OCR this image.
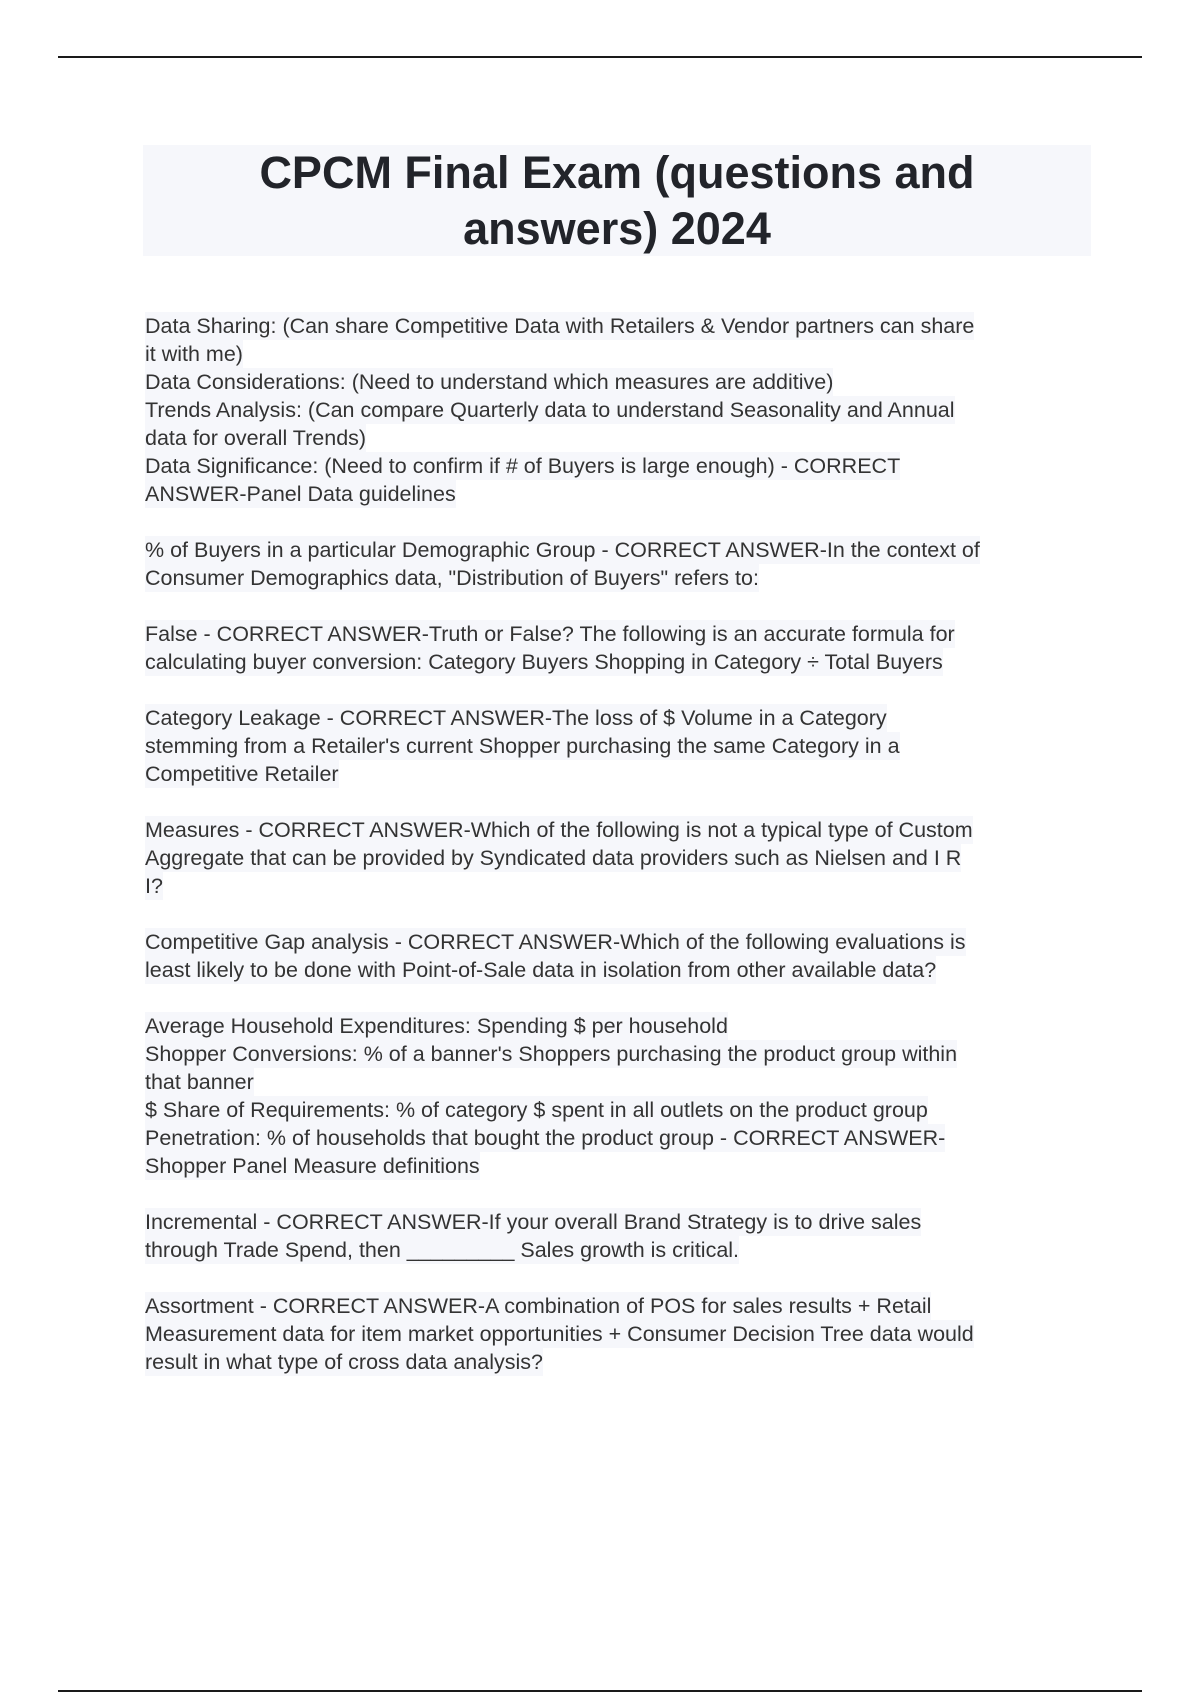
CPCM Final Exam (questions and answers) 2024
Data Sharing: (Can share Competitive Data with Retailers & Vendor partners can share
it with me)
Data Considerations: (Need to understand which measures are additive)
Trends Analysis: (Can compare Quarterly data to understand Seasonality and Annual
data for overall Trends)
Data Significance: (Need to confirm if # of Buyers is large enough) - CORRECT
ANSWER-Panel Data guidelines
% of Buyers in a particular Demographic Group - CORRECT ANSWER-In the context of
Consumer Demographics data, "Distribution of Buyers" refers to:
False - CORRECT ANSWER-Truth or False? The following is an accurate formula for
calculating buyer conversion: Category Buyers Shopping in Category ÷ Total Buyers
Category Leakage - CORRECT ANSWER-The loss of $ Volume in a Category
stemming from a Retailer's current Shopper purchasing the same Category in a
Competitive Retailer
Measures - CORRECT ANSWER-Which of the following is not a typical type of Custom
Aggregate that can be provided by Syndicated data providers such as Nielsen and I R
I?
Competitive Gap analysis - CORRECT ANSWER-Which of the following evaluations is
least likely to be done with Point-of-Sale data in isolation from other available data?
Average Household Expenditures: Spending $ per household
Shopper Conversions: % of a banner's Shoppers purchasing the product group within
that banner
$ Share of Requirements: % of category $ spent in all outlets on the product group
Penetration: % of households that bought the product group - CORRECT ANSWER-
Shopper Panel Measure definitions
Incremental - CORRECT ANSWER-If your overall Brand Strategy is to drive sales
through Trade Spend, then _________ Sales growth is critical.
Assortment - CORRECT ANSWER-A combination of POS for sales results + Retail
Measurement data for item market opportunities + Consumer Decision Tree data would
result in what type of cross data analysis?
